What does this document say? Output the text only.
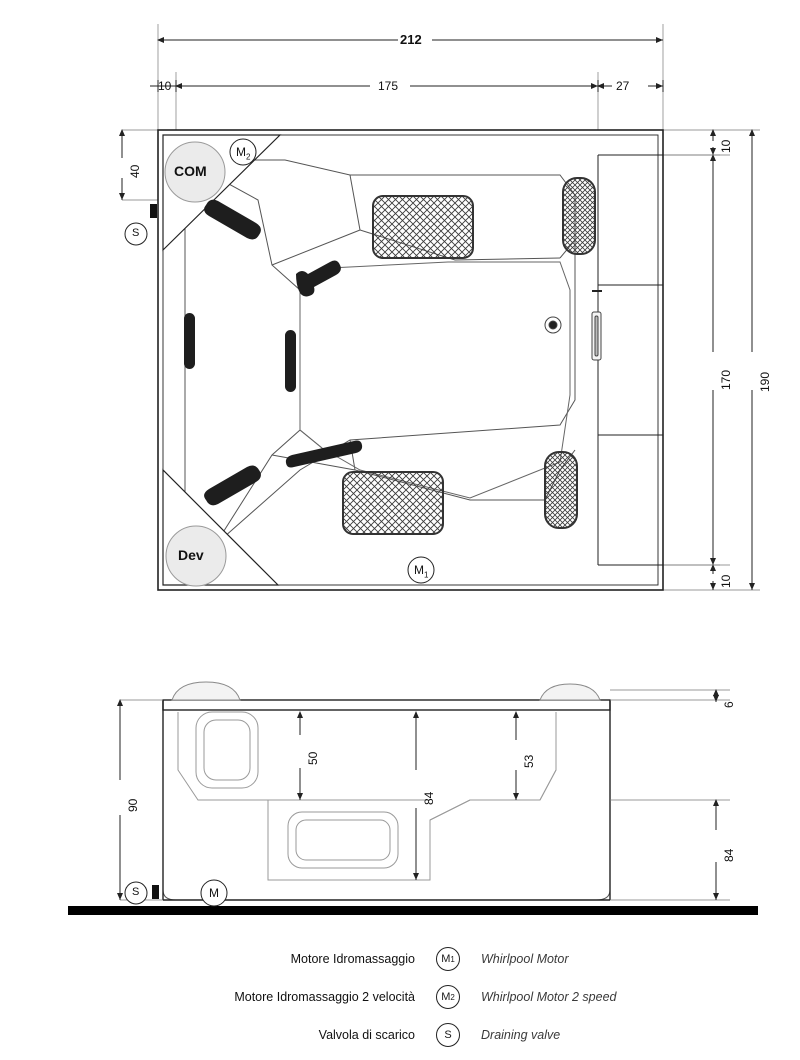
212
10	175	27
40
10
170
10
190
COM
Dev
$M_2$
$M_1$
S
90
50
84
53
6
84
S	M
Motore Idromassaggio	M 1	Whirlpool Motor
Motore Idromassaggio 2 velocità	M 2	Whirlpool Motor 2 speed
Valvola di scarico	S	Draining valve
